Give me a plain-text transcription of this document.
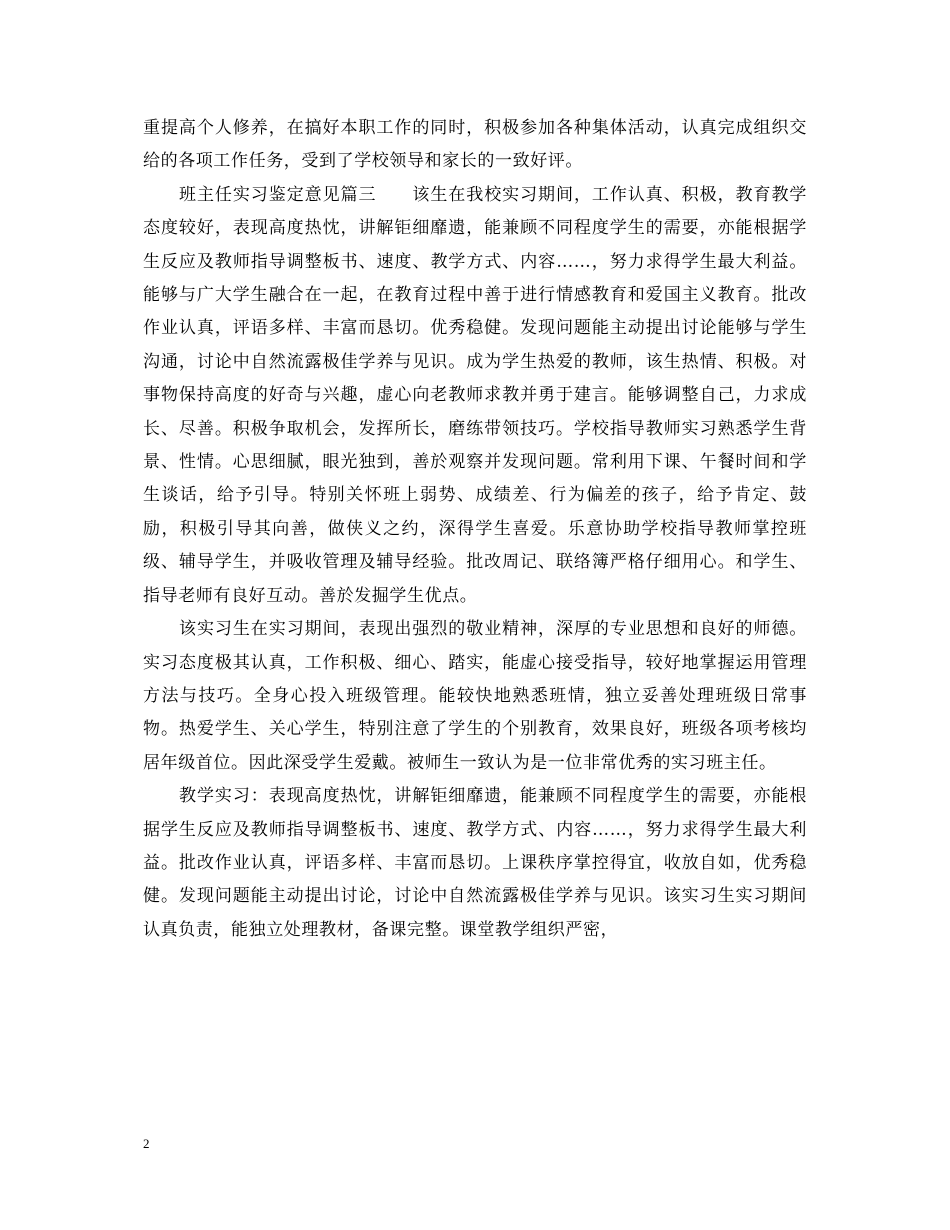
重提高个人修养，在搞好本职工作的同时，积极参加各种集体活动，认真完成组织交给的各项工作任务，受到了学校领导和家长的一致好评。

班主任实习鉴定意见篇三　　该生在我校实习期间，工作认真、积极，教育教学态度较好，表现高度热忱，讲解钜细靡遗，能兼顾不同程度学生的需要，亦能根据学生反应及教师指导调整板书、速度、教学方式、内容……，努力求得学生最大利益。能够与广大学生融合在一起，在教育过程中善于进行情感教育和爱国主义教育。批改作业认真，评语多样、丰富而恳切。优秀稳健。发现问题能主动提出讨论能够与学生沟通，讨论中自然流露极佳学养与见识。成为学生热爱的教师，该生热情、积极。对事物保持高度的好奇与兴趣，虚心向老教师求教并勇于建言。能够调整自己，力求成长、尽善。积极争取机会，发挥所长，磨练带领技巧。学校指导教师实习熟悉学生背景、性情。心思细腻，眼光独到，善於观察并发现问题。常利用下课、午餐时间和学生谈话，给予引导。特别关怀班上弱势、成绩差、行为偏差的孩子，给予肯定、鼓励，积极引导其向善，做侠义之约，深得学生喜爱。乐意协助学校指导教师掌控班级、辅导学生，并吸收管理及辅导经验。批改周记、联络簿严格仔细用心。和学生、指导老师有良好互动。善於发掘学生优点。

该实习生在实习期间，表现出强烈的敬业精神，深厚的专业思想和良好的师德。实习态度极其认真，工作积极、细心、踏实，能虚心接受指导，较好地掌握运用管理方法与技巧。全身心投入班级管理。能较快地熟悉班情，独立妥善处理班级日常事物。热爱学生、关心学生，特别注意了学生的个别教育，效果良好，班级各项考核均居年级首位。因此深受学生爱戴。被师生一致认为是一位非常优秀的实习班主任。

教学实习：表现高度热忱，讲解钜细靡遗，能兼顾不同程度学生的需要，亦能根据学生反应及教师指导调整板书、速度、教学方式、内容……，努力求得学生最大利益。批改作业认真，评语多样、丰富而恳切。上课秩序掌控得宜，收放自如，优秀稳健。发现问题能主动提出讨论，讨论中自然流露极佳学养与见识。该实习生实习期间认真负责，能独立处理教材，备课完整。课堂教学组织严密，

2
